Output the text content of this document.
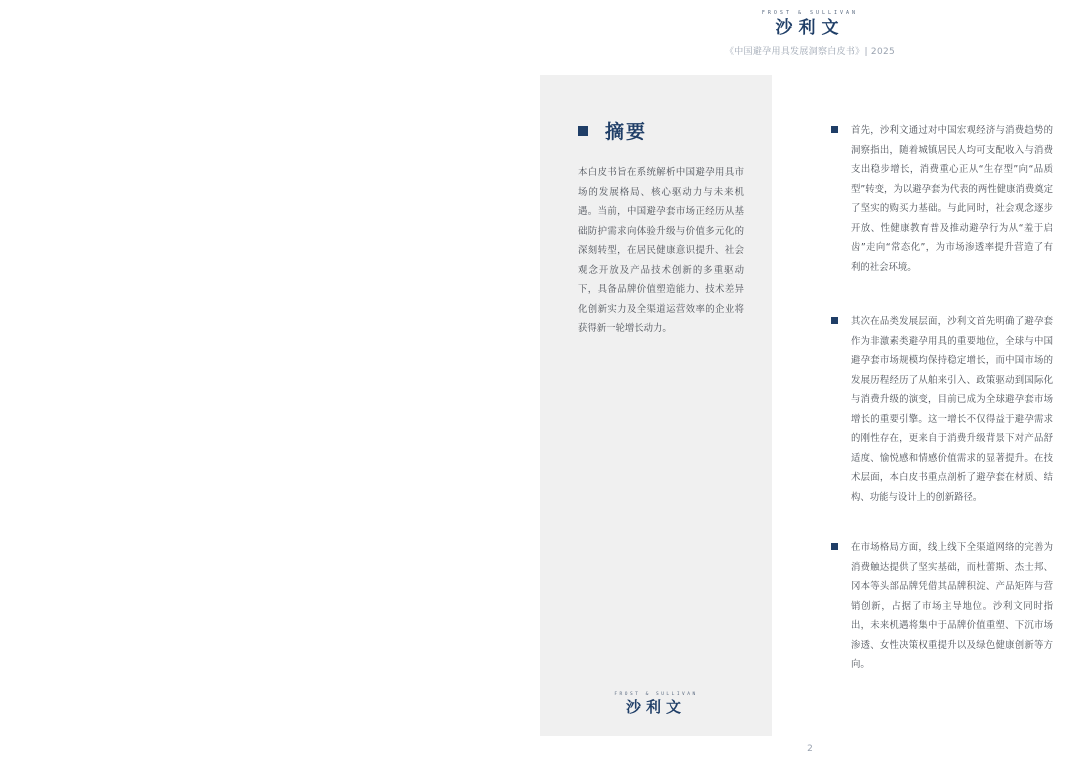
FROST & SULLIVAN
沙利文
《中国避孕用具发展洞察白皮书》| 2025
摘要
本白皮书旨在系统解析中国避孕用具市场的发展格局、核心驱动力与未来机遇。当前，中国避孕套市场正经历从基础防护需求向体验升级与价值多元化的深刻转型，在居民健康意识提升、社会观念开放及产品技术创新的多重驱动下，具备品牌价值塑造能力、技术差异化创新实力及全渠道运营效率的企业将获得新一轮增长动力。
FROST & SULLIVAN
沙利文
首先，沙利文通过对中国宏观经济与消费趋势的洞察指出，随着城镇居民人均可支配收入与消费支出稳步增长，消费重心正从“生存型”向“品质型”转变，为以避孕套为代表的两性健康消费奠定了坚实的购买力基础。与此同时，社会观念逐步开放、性健康教育普及推动避孕行为从“羞于启齿”走向“常态化”，为市场渗透率提升营造了有利的社会环境。
其次在品类发展层面，沙利文首先明确了避孕套作为非激素类避孕用具的重要地位，全球与中国避孕套市场规模均保持稳定增长，而中国市场的发展历程经历了从舶来引入、政策驱动到国际化与消费升级的演变，目前已成为全球避孕套市场增长的重要引擎。这一增长不仅得益于避孕需求的刚性存在，更来自于消费升级背景下对产品舒适度、愉悦感和情感价值需求的显著提升。在技术层面，本白皮书重点剖析了避孕套在材质、结构、功能与设计上的创新路径。
在市场格局方面，线上线下全渠道网络的完善为消费触达提供了坚实基础，而杜蕾斯、杰士邦、冈本等头部品牌凭借其品牌积淀、产品矩阵与营销创新，占据了市场主导地位。沙利文同时指出，未来机遇将集中于品牌价值重塑、下沉市场渗透、女性决策权重提升以及绿色健康创新等方向。
2
